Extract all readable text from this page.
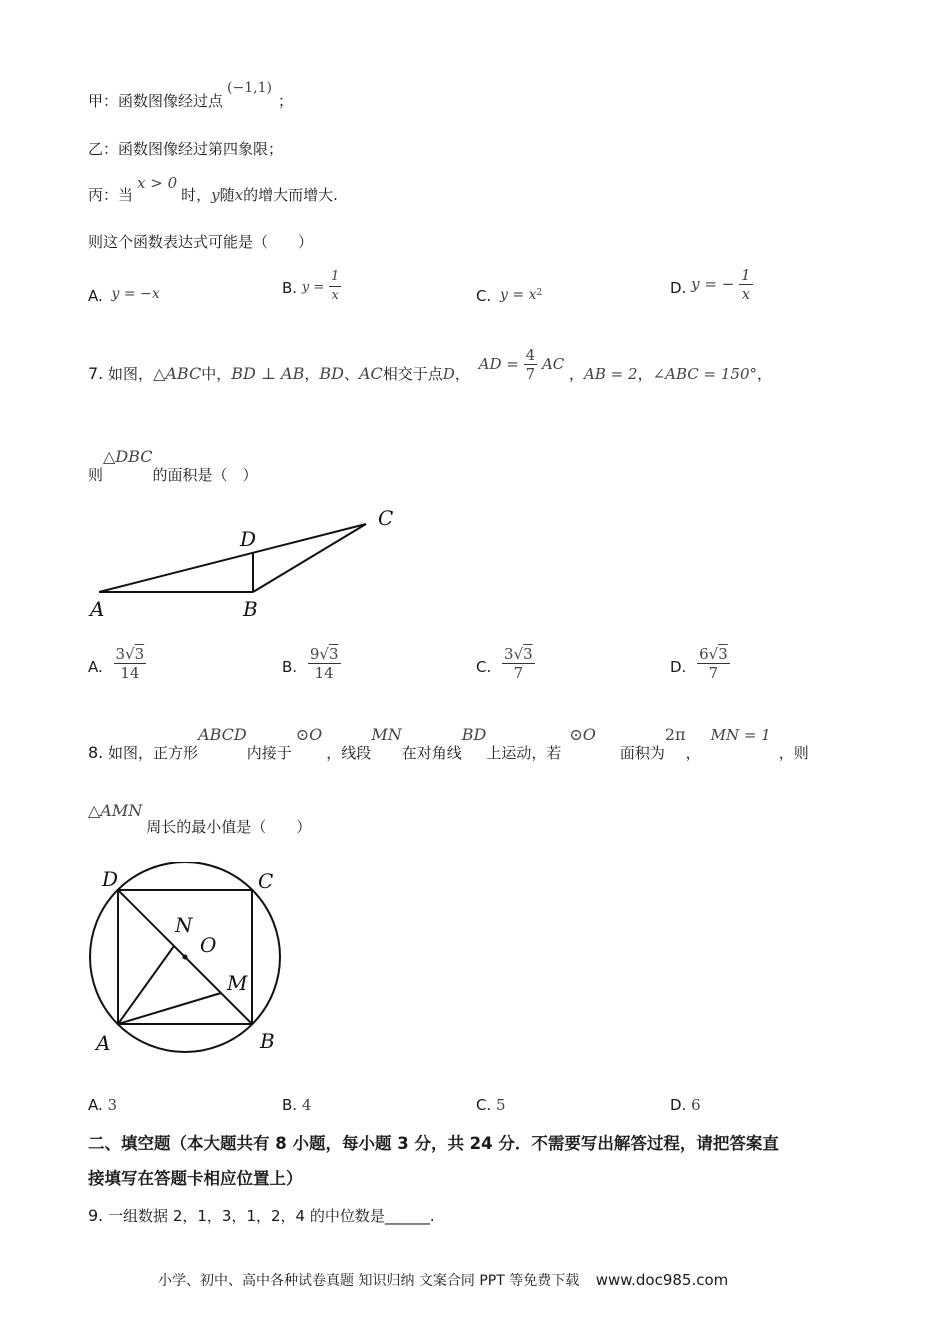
甲：函数图像经过点(−1,1)；
乙：函数图像经过第四象限；
丙：当x > 0时，y随x的增大而增大.
则这个函数表达式可能是（　　）
A. y = −x	B. $y = \frac{1}{x}$	C. $y = x^2$	D. y = − $\frac{1}{x}$
7. 如图，△ABC中，BD ⊥ AB，BD、AC相交于点D， AD = $\frac{4}{7}$ AC ，AB = 2，∠ABC = 150°，
则△DBC的面积是（　）
A	B
C
D
A. $\frac{3√3}{14}$	B. $\frac{9√3}{14}$	C. $\frac{3√3}{7}$	D. $\frac{6√3}{7}$
8. 如图，正方形ABCD内接于⊙O，线段MN在对角线BD上运动，若⊙O面积为2π，MN = 1，则
△AMN周长的最小值是（　　）
D	C
A	B
N
O
M
A. 3	B. 4	C. 5	D. 6
二、填空题（本大题共有 8 小题，每小题 3 分，共 24 分．不需要写出解答过程，请把答案直
接填写在答题卡相应位置上）
9. 一组数据 2，1，3，1，2，4 的中位数是______.
小学、初中、高中各种试卷真题 知识归纳 文案合同 PPT 等免费下载 www.doc985.com
